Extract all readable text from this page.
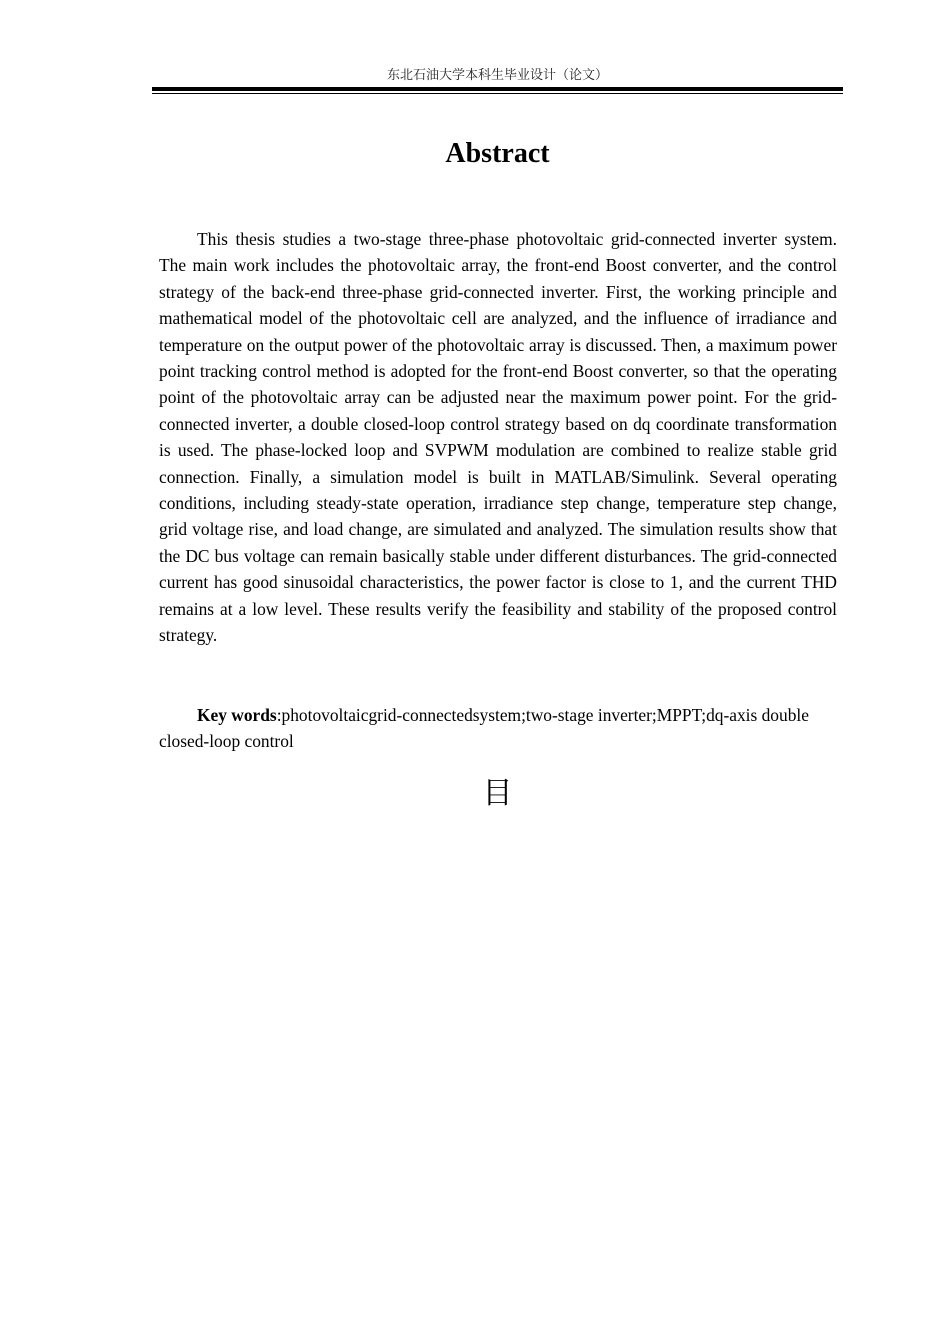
东北石油大学本科生毕业设计（论文）
Abstract

This thesis studies a two-stage three-phase photovoltaic grid-connected inverter system. The main work includes the photovoltaic array, the front-end Boost converter, and the control strategy of the back-end three-phase grid-connected inverter. First, the working principle and mathematical model of the photovoltaic cell are analyzed, and the influence of irradiance and temperature on the output power of the photovoltaic array is discussed. Then, a maximum power point tracking control method is adopted for the front-end Boost converter, so that the operating point of the photovoltaic array can be adjusted near the maximum power point. For the grid-connected inverter, a double closed-loop control strategy based on dq coordinate transformation is used. The phase-locked loop and SVPWM modulation are combined to realize stable grid connection. Finally, a simulation model is built in MATLAB/Simulink. Several operating conditions, including steady-state operation, irradiance step change, temperature step change, grid voltage rise, and load change, are simulated and analyzed. The simulation results show that the DC bus voltage can remain basically stable under different disturbances. The grid-connected current has good sinusoidal characteristics, the power factor is close to 1, and the current THD remains at a low level. These results verify the feasibility and stability of the proposed control strategy.

Key words:photovoltaicgrid-connectedsystem;two-stage inverter;MPPT;dq-axis double closed-loop control

目
